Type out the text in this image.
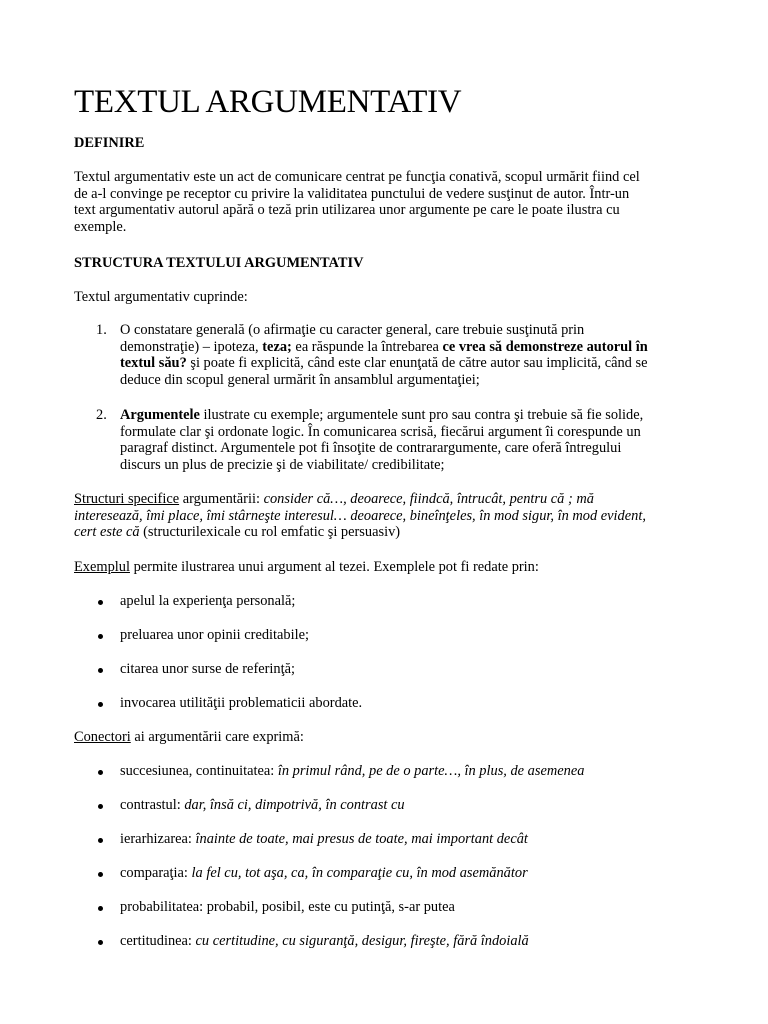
TEXTUL ARGUMENTATIV
DEFINIRE
Textul argumentativ este un act de comunicare centrat pe funcţia conativă, scopul urmărit fiind cel
de a-l convinge pe receptor cu privire la validitatea punctului de vedere susţinut de autor. Într-un
text argumentativ autorul apără o teză prin utilizarea unor argumente pe care le poate ilustra cu
exemple.
STRUCTURA TEXTULUI ARGUMENTATIV
Textul argumentativ cuprinde:
1. O constatare generală (o afirmaţie cu caracter general, care trebuie susţinută prin
demonstraţie) – ipoteza, teza; ea răspunde la întrebarea ce vrea să demonstreze autorul în
textul său? şi poate fi explicită, când este clar enunţată de către autor sau implicită, când se
deduce din scopul general urmărit în ansamblul argumentaţiei;
2. Argumentele ilustrate cu exemple; argumentele sunt pro sau contra şi trebuie să fie solide,
formulate clar şi ordonate logic. În comunicarea scrisă, fiecărui argument îi corespunde un
paragraf distinct. Argumentele pot fi însoţite de contrarargumente, care oferă întregului
discurs un plus de precizie şi de viabilitate/ credibilitate;
Structuri specifice argumentării: consider că…, deoarece, fiindcă, întrucât, pentru că ; mă
interesează, îmi place, îmi stârneşte interesul… deoarece, bineînţeles, în mod sigur, în mod evident,
cert este că (structurilexicale cu rol emfatic şi persuasiv)
Exemplul permite ilustrarea unui argument al tezei. Exemplele pot fi redate prin:
apelul la experienţa personală;
preluarea unor opinii creditabile;
citarea unor surse de referinţă;
invocarea utilităţii problematicii abordate.
Conectori ai argumentării care exprimă:
succesiunea, continuitatea: în primul rând, pe de o parte…, în plus, de asemenea
contrastul: dar, însă ci, dimpotrivă, în contrast cu
ierarhizarea: înainte de toate, mai presus de toate, mai important decât
comparaţia: la fel cu, tot aşa, ca, în comparaţie cu, în mod asemănător
probabilitatea: probabil, posibil, este cu putinţă, s-ar putea
certitudinea: cu certitudine, cu siguranţă, desigur, fireşte, fără îndoială
